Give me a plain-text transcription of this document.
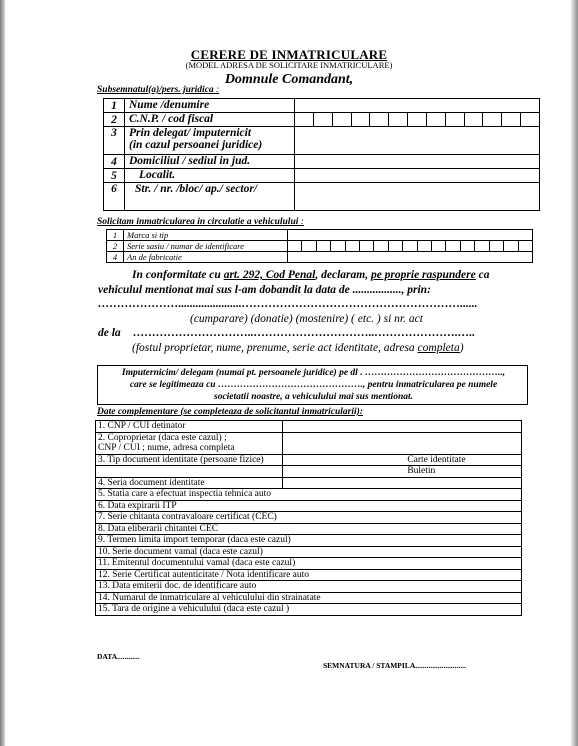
CERERE DE INMATRICULARE
(MODEL ADRESA DE SOLICITARE INMATRICULARE)
Domnule Comandant,
Subsemnatul(a)/pers. juridica :
1	Nume /denumire	
2	C.N.P. / cod fiscal	

3	Prin delegat/ imputernicit
(in cazul persoanei juridice)	

4	Domiciliul / sediul in jud.	
5	Localit.	
6	Str. / nr. /bloc/ ap./ sector/	
Solicitam inmatricularea in circulatie a vehiculului :
1	Marca si tip	
2	Serie sasiu / numar de identificare	

4	An de fabricatie	
In conformitate cu art. 292, Cod Penal, declaram, pe proprie raspundere ca
vehiculul mentionat mai sus l-am dobandit la data de ................., prin:
…………………......................…………………………………………………......
(cumparare) (donatie) (mostenire) ( etc. ) si nr. act
de la …………………………..…………………………..………………….…..
(fostul proprietar, nume, prenume, serie act identitate, adresa completa)
Imputernicim/ delegam (numai pt. persoanele juridice) pe dl . ……………………………………..,
care se legitimeaza cu ………………………………………., pentru inmatricularea pe numele
societatii noastre, a vehiculului mai sus mentionat.
Date complementare (se completeaza de solicitantul inmatricularii):
1. CNP / CUI detinator		

2. Coproprietar (daca este cazul) ;
CNP / CUI ; nume, adresa completa		

3. Tip document identitate (persoane fizice)	Carte identitate	
	Buletin	
4. Seria document identitate		
5. Statia care a efectuat inspectia tehnica auto		
6. Data expirarii ITP		
7. Serie chitanta contravaloare certificat (CEC)		
8. Data eliberarii chitantei CEC		
9. Termen limita import temporar (daca este cazul)		
10. Serie document vamal (daca este cazul)		
11. Emitentul documentului vamal (daca este cazul)		
12. Serie Certificat autenticitate / Nota identificare auto		
13. Data emiterii doc. de identificare auto		
14. Numarul de inmatriculare al vehiculului din strainatate		
15. Tara de origine a vehiculului (daca este cazul )		
DATA............
SEMNATURA / STAMPILA...........................
